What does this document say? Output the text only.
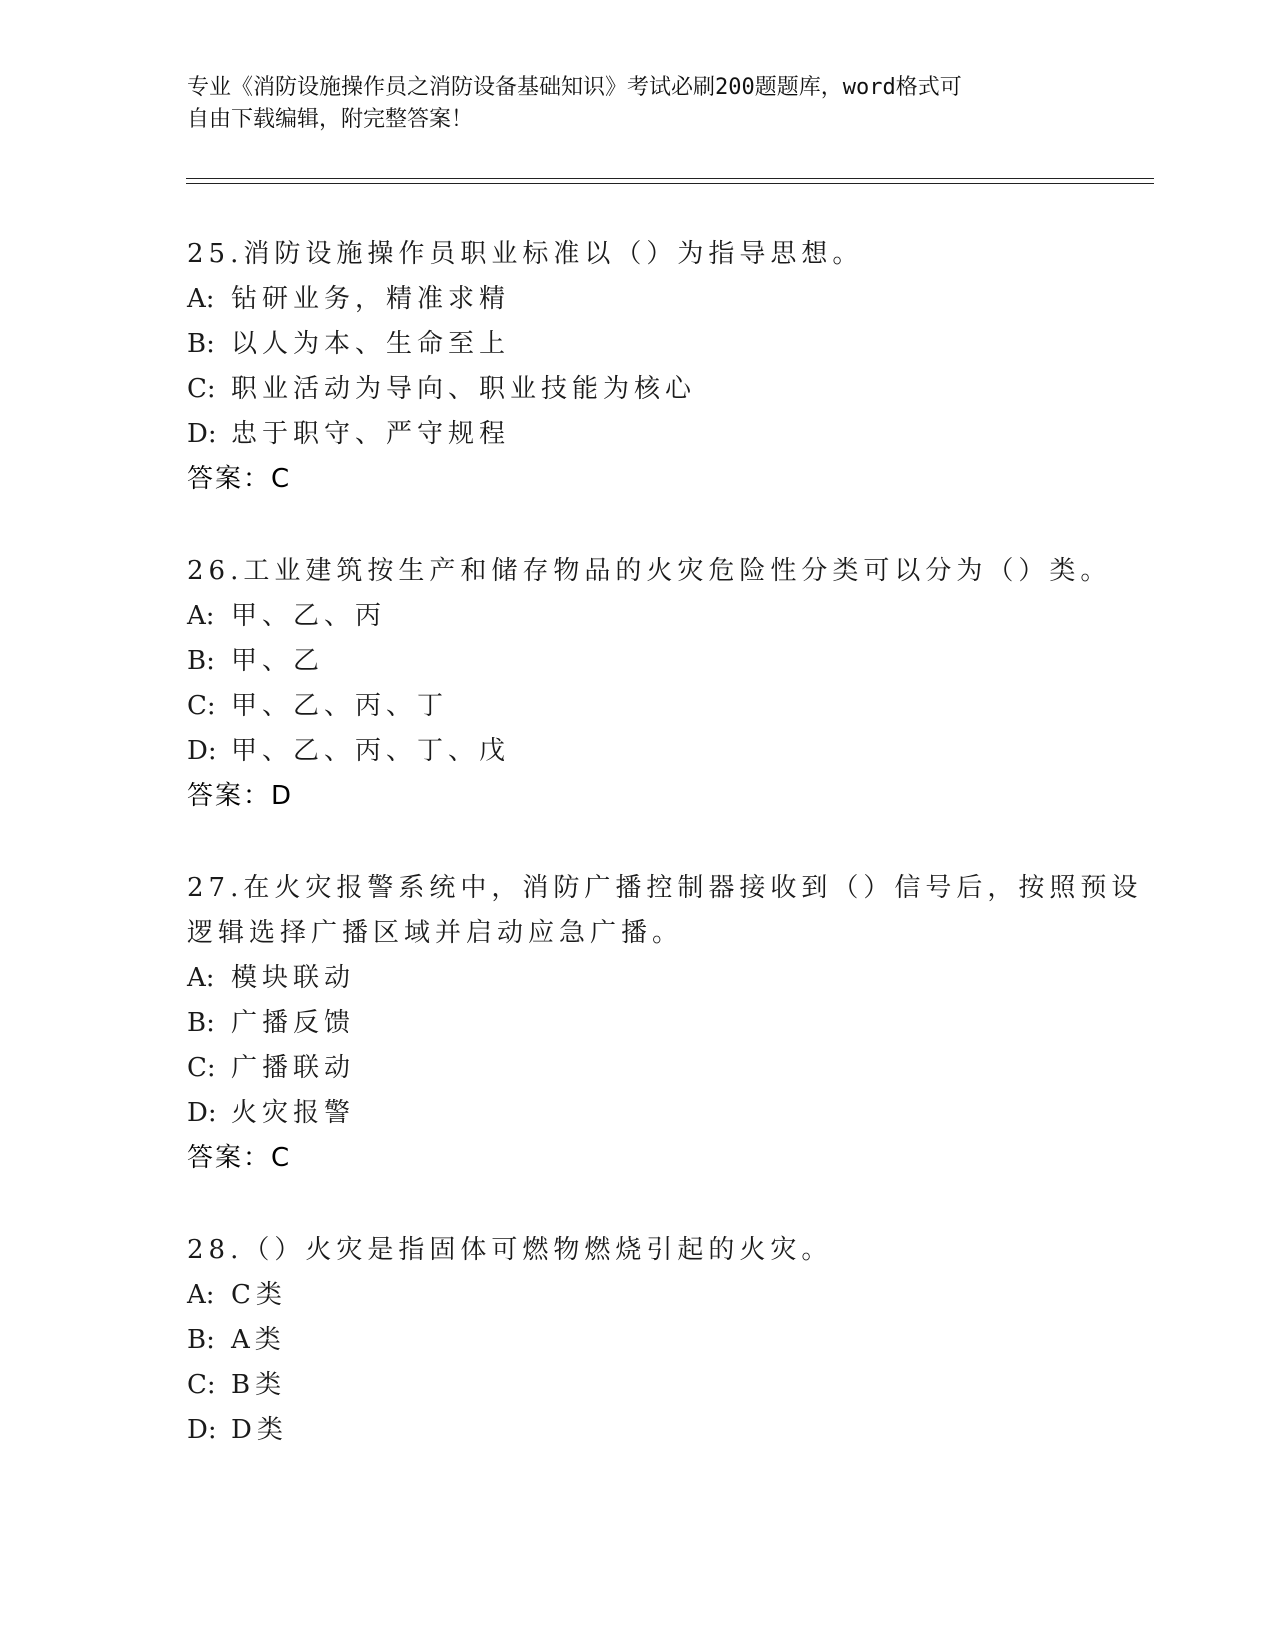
专业《消防设施操作员之消防设备基础知识》考试必刷200题题库，word格式可
自由下载编辑，附完整答案！
25.消防设施操作员职业标准以（）为指导思想。
A: 钻研业务，精准求精
B: 以人为本、生命至上
C: 职业活动为导向、职业技能为核心
D: 忠于职守、严守规程
答案：C
26.工业建筑按生产和储存物品的火灾危险性分类可以分为（）类。
A: 甲、乙、丙
B: 甲、乙
C: 甲、乙、丙、丁
D: 甲、乙、丙、丁、戊
答案：D
27.在火灾报警系统中，消防广播控制器接收到（）信号后，按照预设
逻辑选择广播区域并启动应急广播。
A: 模块联动
B: 广播反馈
C: 广播联动
D: 火灾报警
答案：C
28.（）火灾是指固体可燃物燃烧引起的火灾。
A: C类
B: A类
C: B类
D: D类
